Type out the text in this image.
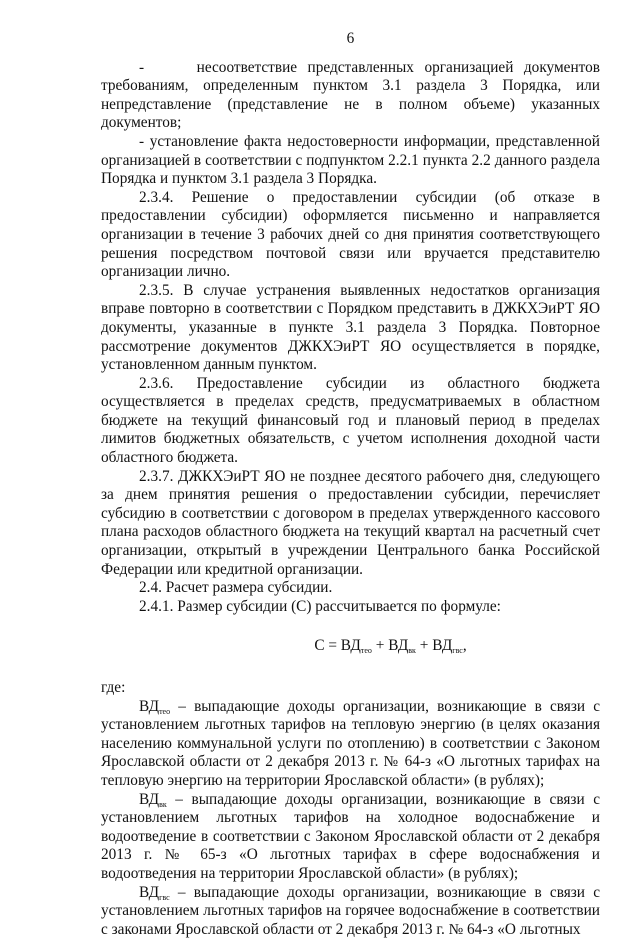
6

-     несоответствие представленных организацией документов требованиям, определенным пунктом 3.1 раздела 3 Порядка, или непредставление (представление не в полном объеме) указанных документов;

- установление факта недостоверности информации, представленной организацией в соответствии с подпунктом 2.2.1 пункта 2.2 данного раздела Порядка и пунктом 3.1 раздела 3 Порядка.

2.3.4. Решение о предоставлении субсидии (об отказе в предоставлении субсидии) оформляется письменно и направляется организации в течение 3 рабочих дней со дня принятия соответствующего решения посредством почтовой связи или вручается представителю организации лично.

2.3.5. В случае устранения выявленных недостатков организация вправе повторно в соответствии с Порядком представить в ДЖКХЭиРТ ЯО документы, указанные в пункте 3.1 раздела 3 Порядка. Повторное рассмотрение документов ДЖКХЭиРТ ЯО осуществляется в порядке, установленном данным пунктом.

2.3.6. Предоставление субсидии из областного бюджета осуществляется в пределах средств, предусматриваемых в областном бюджете на текущий финансовый год и плановый период в пределах лимитов бюджетных обязательств, с учетом исполнения доходной части областного бюджета.

2.3.7. ДЖКХЭиРТ ЯО не позднее десятого рабочего дня, следующего за днем принятия решения о предоставлении субсидии, перечисляет субсидию в соответствии с договором в пределах утвержденного кассового плана расходов областного бюджета на текущий квартал на расчетный счет организации, открытый в учреждении Центрального банка Российской Федерации или кредитной организации.

2.4. Расчет размера субсидии.

2.4.1. Размер субсидии (С) рассчитывается по формуле:

$С = ВД_{тео} + ВД_{вк} + ВД_{гвс}$,

где:

$ВД_{тео}$ – выпадающие доходы организации, возникающие в связи с установлением льготных тарифов на тепловую энергию (в целях оказания населению коммунальной услуги по отоплению) в соответствии с Законом Ярославской области от 2 декабря 2013 г. № 64-з «О льготных тарифах на тепловую энергию на территории Ярославской области» (в рублях);

$ВД_{вк}$ – выпадающие доходы организации, возникающие в связи с установлением льготных тарифов на холодное водоснабжение и водоотведение в соответствии с Законом Ярославской области от 2 декабря 2013 г. № 65-з «О льготных тарифах в сфере водоснабжения и водоотведения на территории Ярославской области» (в рублях);

$ВД_{гвс}$ – выпадающие доходы организации, возникающие в связи с установлением льготных тарифов на горячее водоснабжение в соответствии с законами Ярославской области от 2 декабря 2013 г. № 64-з «О льготных
